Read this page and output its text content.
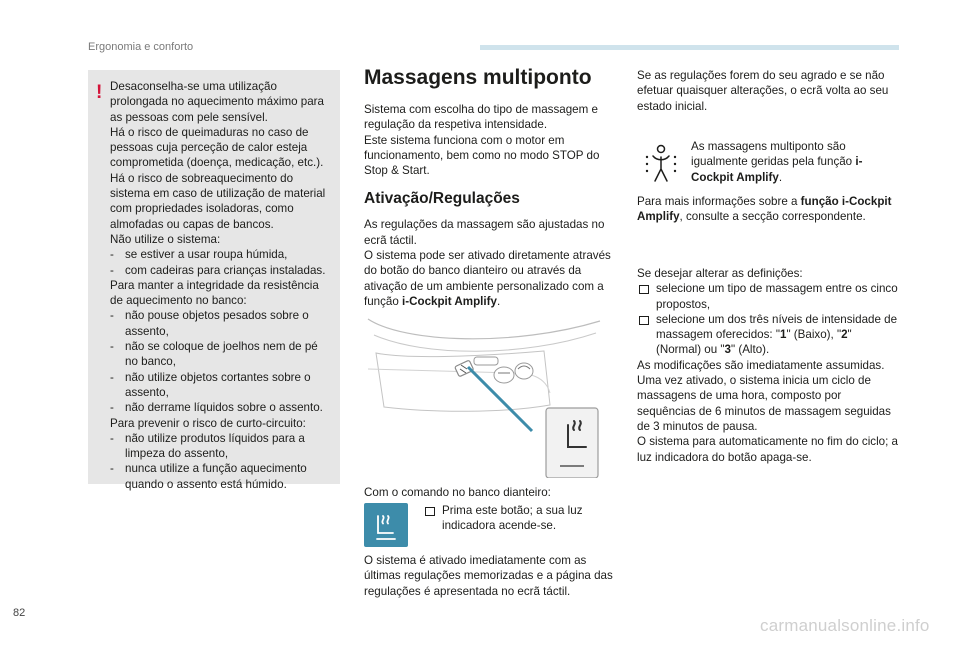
Ergonomia e conforto
! Desaconselha-se uma utilização prolongada no aquecimento máximo para as pessoas com pele sensível.

Há o risco de queimaduras no caso de pessoas cuja perceção de calor esteja comprometida (doença, medicação, etc.).

Há o risco de sobreaquecimento do sistema em caso de utilização de material com propriedades isoladoras, como almofadas ou capas de bancos.

Não utilize o sistema:

- se estiver a usar roupa húmida,

- com cadeiras para crianças instaladas.

Para manter a integridade da resistência de aquecimento no banco:

- não pouse objetos pesados sobre o assento,

- não se coloque de joelhos nem de pé no banco,

- não utilize objetos cortantes sobre o assento,

- não derrame líquidos sobre o assento.

Para prevenir o risco de curto-circuito:

- não utilize produtos líquidos para a limpeza do assento,

- nunca utilize a função aquecimento quando o assento está húmido.

Massagens multiponto

Sistema com escolha do tipo de massagem e regulação da respetiva intensidade.

Este sistema funciona com o motor em funcionamento, bem como no modo STOP do Stop & Start.

Ativação/Regulações

As regulações da massagem são ajustadas no ecrã táctil.

O sistema pode ser ativado diretamente através do botão do banco dianteiro ou através da ativação de um ambiente personalizado com a função i-Cockpit Amplify.

Com o comando no banco dianteiro:

Prima este botão; a sua luz indicadora acende-se.

O sistema é ativado imediatamente com as últimas regulações memorizadas e a página das regulações é apresentada no ecrã táctil.

Se as regulações forem do seu agrado e se não efetuar quaisquer alterações, o ecrã volta ao seu estado inicial.

As massagens multiponto são igualmente geridas pela função i-Cockpit Amplify.

Para mais informações sobre a função i-Cockpit Amplify, consulte a secção correspondente.

Se desejar alterar as definições:

selecione um tipo de massagem entre os cinco propostos,

selecione um dos três níveis de intensidade de massagem oferecidos: "1" (Baixo), "2" (Normal) ou "3" (Alto).

As modificações são imediatamente assumidas.

Uma vez ativado, o sistema inicia um ciclo de massagens de uma hora, composto por sequências de 6 minutos de massagem seguidas de 3 minutos de pausa.

O sistema para automaticamente no fim do ciclo; a luz indicadora do botão apaga-se.

82
carmanualsonline.info
